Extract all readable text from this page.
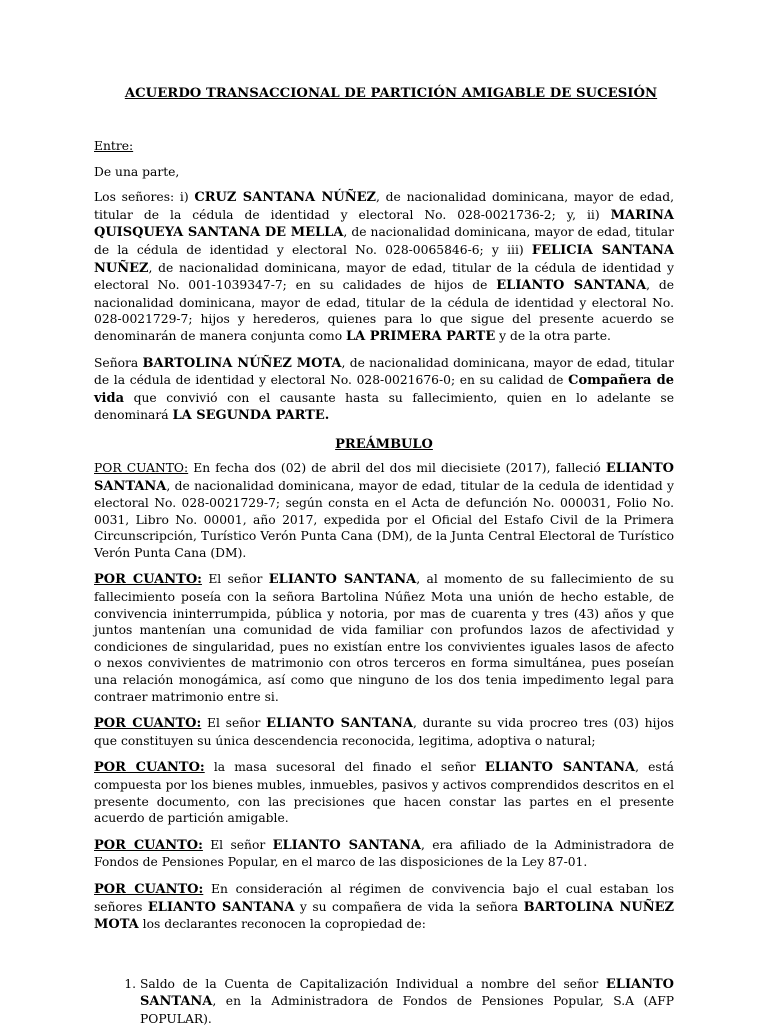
ACUERDO TRANSACCIONAL DE PARTICIÓN AMIGABLE DE SUCESIÓN

Entre:

De una parte,

Los señores: i) CRUZ SANTANA NÚÑEZ, de nacionalidad dominicana, mayor de edad, titular de la cédula de identidad y electoral No. 028-0021736-2; y, ii) MARINA QUISQUEYA SANTANA DE MELLA, de nacionalidad dominicana, mayor de edad, titular de la cédula de identidad y electoral No. 028-0065846-6; y iii) FELICIA SANTANA NUÑEZ, de nacionalidad dominicana, mayor de edad, titular de la cédula de identidad y electoral No. 001-1039347-7; en su calidades de hijos de ELIANTO SANTANA, de nacionalidad dominicana, mayor de edad, titular de la cédula de identidad y electoral No. 028-0021729-7; hijos y herederos, quienes para lo que sigue del presente acuerdo se denominarán de manera conjunta como LA PRIMERA PARTE y de la otra parte.

Señora BARTOLINA NÚÑEZ MOTA, de nacionalidad dominicana, mayor de edad, titular de la cédula de identidad y electoral No. 028-0021676-0; en su calidad de Compañera de vida que convivió con el causante hasta su fallecimiento, quien en lo adelante se denominará LA SEGUNDA PARTE.

PREÁMBULO

POR CUANTO: En fecha dos (02) de abril del dos mil diecisiete (2017), falleció ELIANTO SANTANA, de nacionalidad dominicana, mayor de edad, titular de la cedula de identidad y electoral No. 028-0021729-7; según consta en el Acta de defunción No. 000031, Folio No. 0031, Libro No. 00001, año 2017, expedida por el Oficial del Estafo Civil de la Primera Circunscripción, Turístico Verón Punta Cana (DM), de la Junta Central Electoral de Turístico Verón Punta Cana (DM).

POR CUANTO: El señor ELIANTO SANTANA, al momento de su fallecimiento de su fallecimiento poseía con la señora Bartolina Núñez Mota una unión de hecho estable, de convivencia ininterrumpida, pública y notoria, por mas de cuarenta y tres (43) años y que juntos mantenían una comunidad de vida familiar con profundos lazos de afectividad y condiciones de singularidad, pues no existían entre los convivientes iguales lasos de afecto o nexos convivientes de matrimonio con otros terceros en forma simultánea, pues poseían una relación monogámica, así como que ninguno de los dos tenia impedimento legal para contraer matrimonio entre si.

POR CUANTO: El señor ELIANTO SANTANA, durante su vida procreo tres (03) hijos que constituyen su única descendencia reconocida, legitima, adoptiva o natural;

POR CUANTO: la masa sucesoral del finado el señor ELIANTO SANTANA, está compuesta por los bienes mubles, inmuebles, pasivos y activos comprendidos descritos en el presente documento, con las precisiones que hacen constar las partes en el presente acuerdo de partición amigable.

POR CUANTO: El señor ELIANTO SANTANA, era afiliado de la Administradora de Fondos de Pensiones Popular, en el marco de las disposiciones de la Ley 87-01.

POR CUANTO: En consideración al régimen de convivencia bajo el cual estaban los señores ELIANTO SANTANA y su compañera de vida la señora BARTOLINA NUÑEZ MOTA los declarantes reconocen la copropiedad de:

1. Saldo de la Cuenta de Capitalización Individual a nombre del señor ELIANTO SANTANA, en la Administradora de Fondos de Pensiones Popular, S.A (AFP POPULAR).
